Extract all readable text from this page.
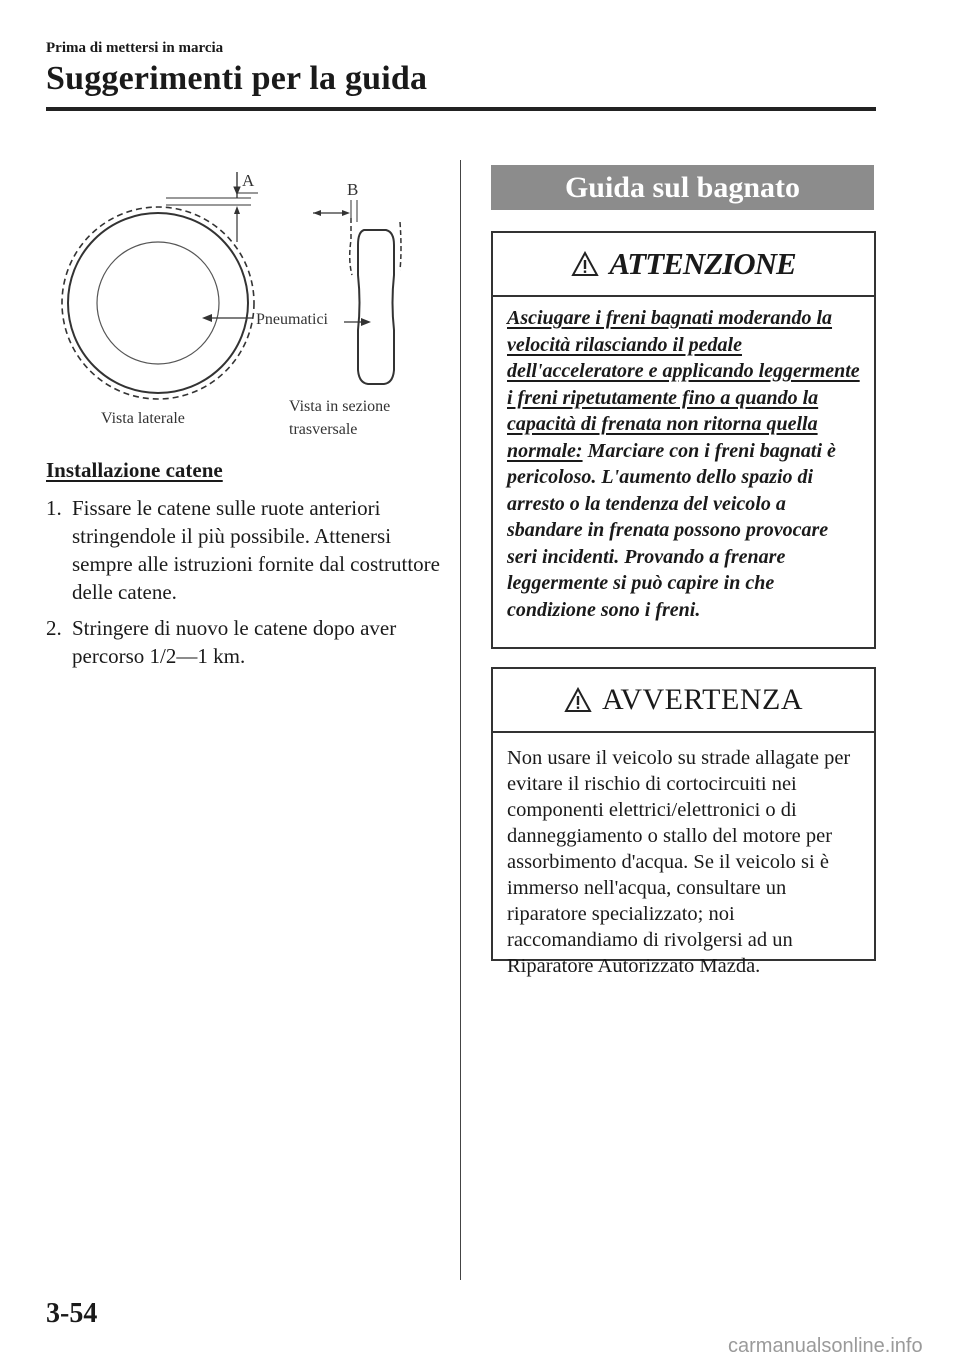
Prima di mettersi in marcia
Suggerimenti per la guida
A	B
Pneumatici
Vista laterale
Vista in sezione
trasversale
Installazione catene
1. Fissare le catene sulle ruote anteriori stringendole il più possibile. Attenersi sempre alle istruzioni fornite dal costruttore delle catene.
2. Stringere di nuovo le catene dopo aver percorso 1/2—1 km.
Guida sul bagnato
ATTENZIONE
Asciugare i freni bagnati moderando la velocità rilasciando il pedale dell'acceleratore e applicando leggermente i freni ripetutamente fino a quando la capacità di frenata non ritorna quella normale: Marciare con i freni bagnati è pericoloso. L'aumento dello spazio di arresto o la tendenza del veicolo a sbandare in frenata possono provocare seri incidenti. Provando a frenare leggermente si può capire in che condizione sono i freni.
AVVERTENZA
Non usare il veicolo su strade allagate per evitare il rischio di cortocircuiti nei componenti elettrici/elettronici o di danneggiamento o stallo del motore per assorbimento d'acqua. Se il veicolo si è immerso nell'acqua, consultare un riparatore specializzato; noi raccomandiamo di rivolgersi ad un Riparatore Autorizzato Mazda.
3-54
carmanualsonline.info
